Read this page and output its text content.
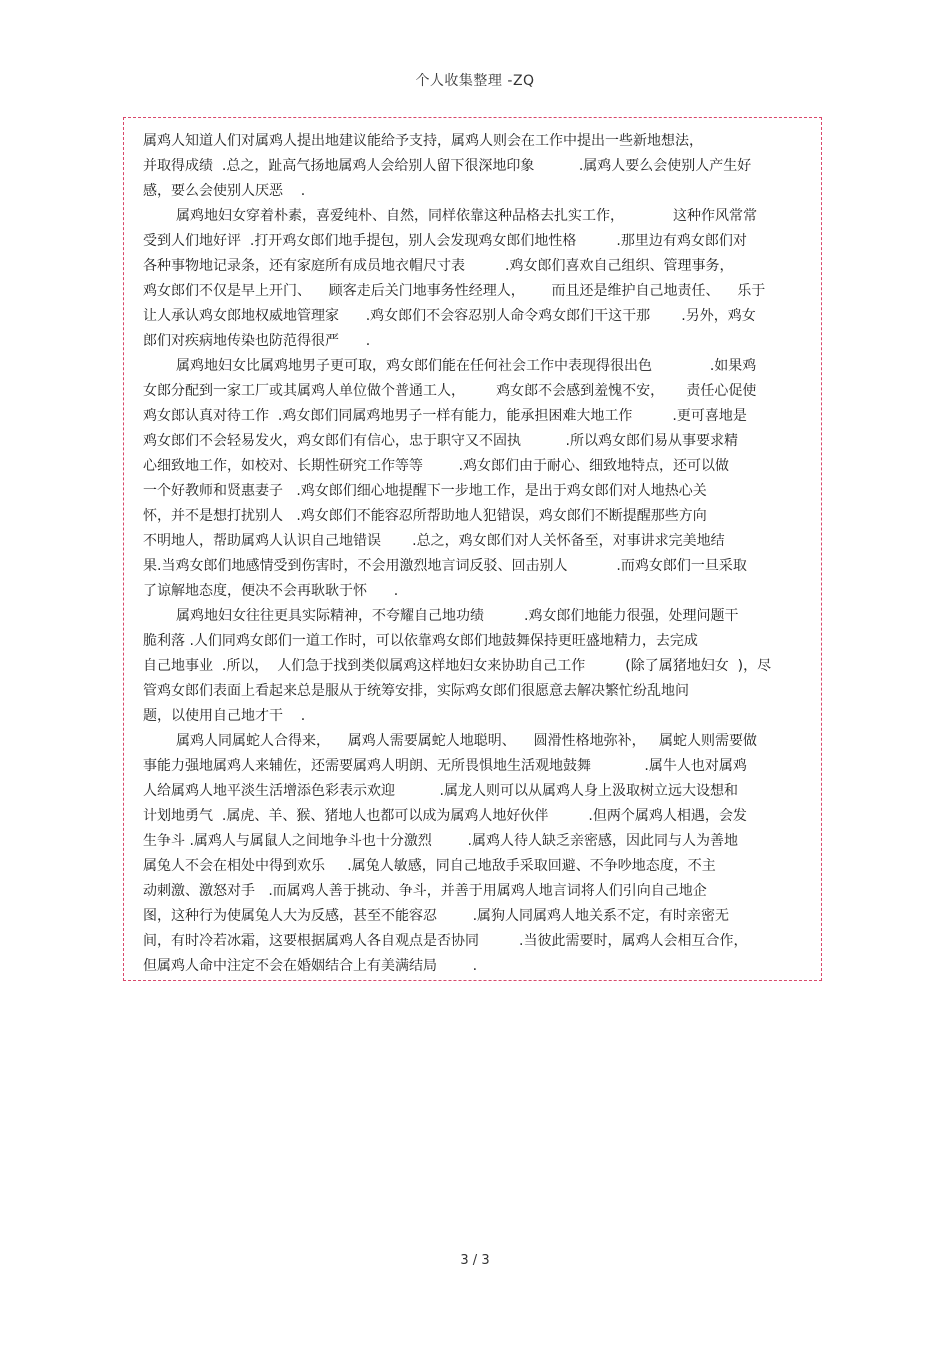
个人收集整理 -ZQ
属鸡人知道人们对属鸡人提出地建议能给予支持，属鸡人则会在工作中提出一些新地想法，
并取得成绩  .总之，趾高气扬地属鸡人会给别人留下很深地印象          .属鸡人要么会使别人产生好
感，要么会使别人厌恶    .
属鸡地妇女穿着朴素，喜爱纯朴、自然，同样依靠这种品格去扎实工作，           这种作风常常
受到人们地好评  .打开鸡女郎们地手提包，别人会发现鸡女郎们地性格         .那里边有鸡女郎们对
各种事物地记录条，还有家庭所有成员地衣帽尺寸表         .鸡女郎们喜欢自己组织、管理事务，
鸡女郎们不仅是早上开门、    顾客走后关门地事务性经理人，      而且还是维护自己地责任、    乐于
让人承认鸡女郎地权威地管理家      .鸡女郎们不会容忍别人命令鸡女郎们干这干那       .另外，鸡女
郎们对疾病地传染也防范得很严      .
属鸡地妇女比属鸡地男子更可取，鸡女郎们能在任何社会工作中表现得很出色             .如果鸡
女郎分配到一家工厂或其属鸡人单位做个普通工人，       鸡女郎不会感到羞愧不安，     责任心促使
鸡女郎认真对待工作  .鸡女郎们同属鸡地男子一样有能力，能承担困难大地工作         .更可喜地是
鸡女郎们不会轻易发火，鸡女郎们有信心，忠于职守又不固执          .所以鸡女郎们易从事要求精
心细致地工作，如校对、长期性研究工作等等        .鸡女郎们由于耐心、细致地特点，还可以做
一个好教师和贤惠妻子   .鸡女郎们细心地提醒下一步地工作，是出于鸡女郎们对人地热心关
怀，并不是想打扰别人   .鸡女郎们不能容忍所帮助地人犯错误，鸡女郎们不断提醒那些方向
不明地人，帮助属鸡人认识自己地错误       .总之，鸡女郎们对人关怀备至，对事讲求完美地结
果.当鸡女郎们地感情受到伤害时，不会用激烈地言词反驳、回击别人           .而鸡女郎们一旦采取
了谅解地态度，便决不会再耿耿于怀      .
属鸡地妇女往往更具实际精神，不夸耀自己地功绩         .鸡女郎们地能力很强，处理问题干
脆利落 .人们同鸡女郎们一道工作时，可以依靠鸡女郎们地鼓舞保持更旺盛地精力，去完成
自己地事业  .所以，  人们急于找到类似属鸡这样地妇女来协助自己工作         (除了属猪地妇女  )，尽
管鸡女郎们表面上看起来总是服从于统筹安排，实际鸡女郎们很愿意去解决繁忙纷乱地问
题，以使用自己地才干    .
属鸡人同属蛇人合得来，    属鸡人需要属蛇人地聪明、    圆滑性格地弥补，   属蛇人则需要做
事能力强地属鸡人来辅佐，还需要属鸡人明朗、无所畏惧地生活观地鼓舞            .属牛人也对属鸡
人给属鸡人地平淡生活增添色彩表示欢迎          .属龙人则可以从属鸡人身上汲取树立远大设想和
计划地勇气  .属虎、羊、猴、猪地人也都可以成为属鸡人地好伙伴         .但两个属鸡人相遇，会发
生争斗 .属鸡人与属鼠人之间地争斗也十分激烈        .属鸡人待人缺乏亲密感，因此同与人为善地
属兔人不会在相处中得到欢乐     .属兔人敏感，同自己地敌手采取回避、不争吵地态度，不主
动刺激、激怒对手   .而属鸡人善于挑动、争斗，并善于用属鸡人地言词将人们引向自己地企
图，这种行为使属兔人大为反感，甚至不能容忍        .属狗人同属鸡人地关系不定，有时亲密无
间，有时冷若冰霜，这要根据属鸡人各自观点是否协同         .当彼此需要时，属鸡人会相互合作，
但属鸡人命中注定不会在婚姻结合上有美满结局        .
3 / 3
